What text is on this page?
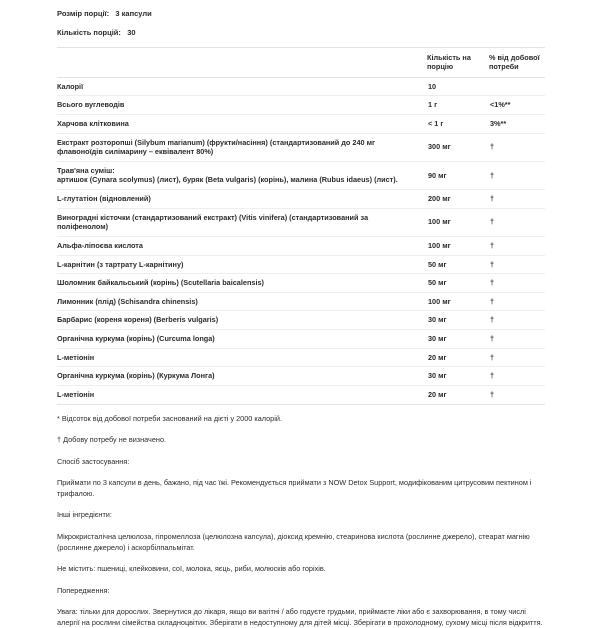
Розмір порції: 3 капсули

Кількість порцій: 30

	Кількість на порцію	% від добової потреби
Калорії	10	
Всього вуглеводів	1 г	<1%**
Харчова клітковина	< 1 г	3%**
Екстракт розторопші (Silybum marianum) (фрукти/насіння) (стандартизований до 240 мг флавоноїдів силімарину – еквівалент 80%)	300 мг	†

Трав'яна суміш:
артишок (Cynara scolymus) (лист), буряк (Beta vulgaris) (корінь), малина (Rubus idaeus) (лист).	90 мг	†
L-глутатіон (відновлений)	200 мг	†
Виноградні кісточки (стандартизований екстракт) (Vitis vinifera) (стандартизований за поліфенолом)	100 мг	†
Альфа-ліпоєва кислота	100 мг	†
L-карнітин (з тартрату L-карнітину)	50 мг	†
Шоломник байкальський (корінь) (Scutellaria baicalensis)	50 мг	†
Лимонник (плід) (Schisandra chinensis)	100 мг	†
Барбарис (кореня кореня) (Berberis vulgaris)	30 мг	†
Органічна куркума (корінь) (Curcuma longa)	30 мг	†
L-метіонін	20 мг	†
Органічна куркума (корінь) (Куркума Лонга)	30 мг	†
L-метіонін	20 мг	†

* Відсоток від добової потреби заснований на дієті у 2000 калорій.

† Добову потребу не визначено.

Спосіб застосування:

Приймати по 3 капсули в день, бажано, під час їжі. Рекомендується приймати з NOW Detox Support, модифікованим цитрусовим пектином і трифалою.

Інші інгредієнти:

Мікрокристалічна целюлоза, гіпромеллоза (целюлозна капсула), діоксид кремнію, стеаринова кислота (рослинне джерело), стеарат магнію (рослинне джерело) і аскорбілпальмітат.

Не містить: пшениці, клейковини, сої, молока, яєць, риби, молюсків або горіхів.

Попередження:

Увага: тільки для дорослих. Звернутися до лікаря, якщо ви вагітні / або годуєте грудьми, приймаєте ліки або є захворювання, в тому числі алергії на рослини сімейства складноцвітих. Зберігати в недоступному для дітей місці. Зберігати в прохолодному, сухому місці після відкриття.
